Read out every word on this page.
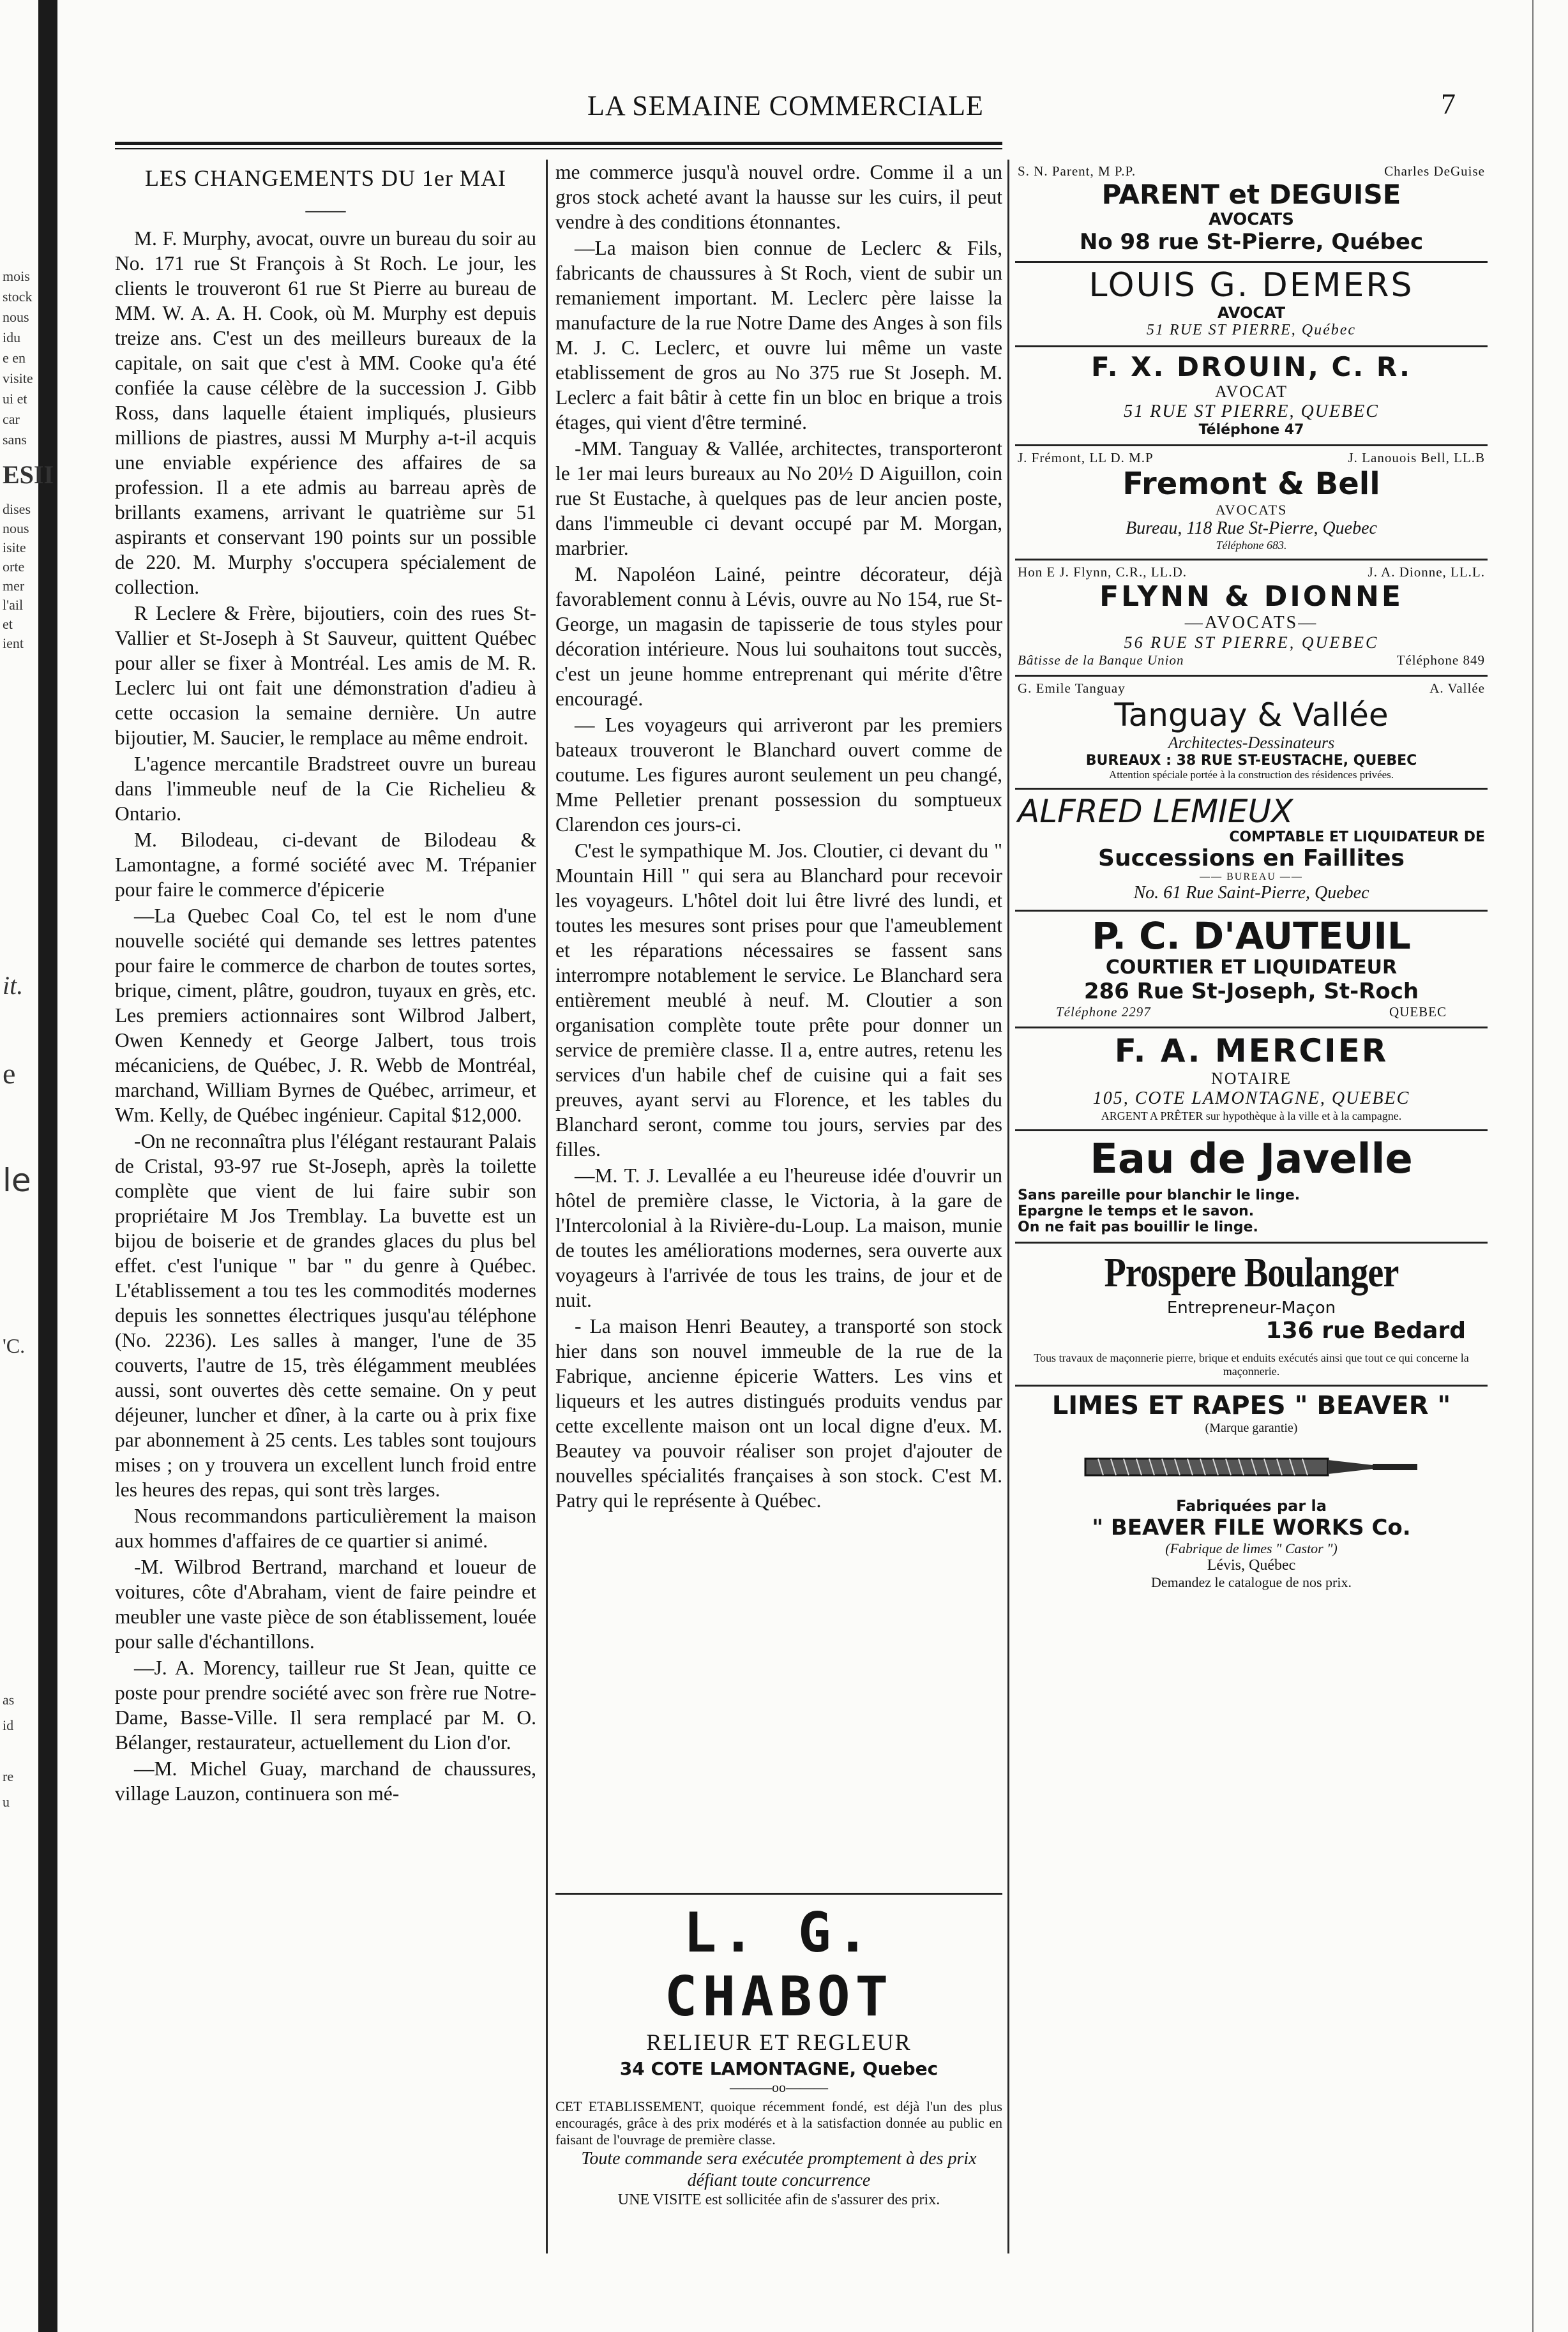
mois
stock
nous
idu
e en
visite
ui et
car
sans
ESII
dises
nous
isite
orte
mer
l'ail
et
ient
it.
e
le
'C.
as
id
re
u
LA SEMAINE COMMERCIALE	7

LES CHANGEMENTS DU 1er MAI

——

M. F. Murphy, avocat, ouvre un bureau du soir au No. 171 rue St François à St Roch. Le jour, les clients le trouveront 61 rue St Pierre au bureau de MM. W. A. A. H. Cook, où M. Murphy est depuis treize ans. C'est un des meilleurs bureaux de la capitale, on sait que c'est à MM. Cooke qu'a été confiée la cause célèbre de la succession J. Gibb Ross, dans laquelle étaient impliqués, plusieurs millions de piastres, aussi M Murphy a-t-il acquis une enviable expérience des affaires de sa profession. Il a ete admis au barreau après de brillants examens, arrivant le quatrième sur 51 aspirants et conservant 190 points sur un possible de 220. M. Murphy s'occupera spécialement de collection.

R Leclere & Frère, bijoutiers, coin des rues St-Vallier et St-Joseph à St Sauveur, quittent Québec pour aller se fixer à Montréal. Les amis de M. R. Leclerc lui ont fait une démonstration d'adieu à cette occasion la semaine dernière. Un autre bijoutier, M. Saucier, le remplace au même endroit.

L'agence mercantile Bradstreet ouvre un bureau dans l'immeuble neuf de la Cie Richelieu & Ontario.

M. Bilodeau, ci-devant de Bilodeau & Lamontagne, a formé société avec M. Trépanier pour faire le commerce d'épicerie

—La Quebec Coal Co, tel est le nom d'une nouvelle société qui demande ses lettres patentes pour faire le commerce de charbon de toutes sortes, brique, ciment, plâtre, goudron, tuyaux en grès, etc. Les premiers actionnaires sont Wilbrod Jalbert, Owen Kennedy et George Jalbert, tous trois mécaniciens, de Québec, J. R. Webb de Montréal, marchand, William Byrnes de Québec, arrimeur, et Wm. Kelly, de Québec ingénieur. Capital $12,000.

-On ne reconnaîtra plus l'élégant restaurant Palais de Cristal, 93-97 rue St-Joseph, après la toilette complète que vient de lui faire subir son propriétaire M Jos Tremblay. La buvette est un bijou de boiserie et de grandes glaces du plus bel effet. c'est l'unique " bar " du genre à Québec. L'établissement a tou tes les commodités modernes depuis les sonnettes électriques jusqu'au téléphone (No. 2236). Les salles à manger, l'une de 35 couverts, l'autre de 15, très élégamment meublées aussi, sont ouvertes dès cette semaine. On y peut déjeuner, luncher et dîner, à la carte ou à prix fixe par abonnement à 25 cents. Les tables sont toujours mises ; on y trouvera un excellent lunch froid entre les heures des repas, qui sont très larges.

Nous recommandons particulièrement la maison aux hommes d'affaires de ce quartier si animé.

-M. Wilbrod Bertrand, marchand et loueur de voitures, côte d'Abraham, vient de faire peindre et meubler une vaste pièce de son établissement, louée pour salle d'échantillons.

—J. A. Morency, tailleur rue St Jean, quitte ce poste pour prendre société avec son frère rue Notre-Dame, Basse-Ville. Il sera remplacé par M. O. Bélanger, restaurateur, actuellement du Lion d'or.

—M. Michel Guay, marchand de chaussures, village Lauzon, continuera son mé-

me commerce jusqu'à nouvel ordre. Comme il a un gros stock acheté avant la hausse sur les cuirs, il peut vendre à des conditions étonnantes.

—La maison bien connue de Leclerc & Fils, fabricants de chaussures à St Roch, vient de subir un remaniement important. M. Leclerc père laisse la manufacture de la rue Notre Dame des Anges à son fils M. J. C. Leclerc, et ouvre lui même un vaste etablissement de gros au No 375 rue St Joseph. M. Leclerc a fait bâtir à cette fin un bloc en brique a trois étages, qui vient d'être terminé.

-MM. Tanguay & Vallée, architectes, transporteront le 1er mai leurs bureaux au No 20½ D Aiguillon, coin rue St Eustache, à quelques pas de leur ancien poste, dans l'immeuble ci devant occupé par M. Morgan, marbrier.

M. Napoléon Lainé, peintre décorateur, déjà favorablement connu à Lévis, ouvre au No 154, rue St-George, un magasin de tapisserie de tous styles pour décoration intérieure. Nous lui souhaitons tout succès, c'est un jeune homme entreprenant qui mérite d'être encouragé.

— Les voyageurs qui arriveront par les premiers bateaux trouveront le Blanchard ouvert comme de coutume. Les figures auront seulement un peu changé, Mme Pelletier prenant possession du somptueux Clarendon ces jours-ci.

C'est le sympathique M. Jos. Cloutier, ci devant du " Mountain Hill " qui sera au Blanchard pour recevoir les voyageurs. L'hôtel doit lui être livré des lundi, et toutes les mesures sont prises pour que l'ameublement et les réparations nécessaires se fassent sans interrompre notablement le service. Le Blanchard sera entièrement meublé à neuf. M. Cloutier a son organisation complète toute prête pour donner un service de première classe. Il a, entre autres, retenu les services d'un habile chef de cuisine qui a fait ses preuves, ayant servi au Florence, et les tables du Blanchard seront, comme tou jours, servies par des filles.

—M. T. J. Levallée a eu l'heureuse idée d'ouvrir un hôtel de première classe, le Victoria, à la gare de l'Intercolonial à la Rivière-du-Loup. La maison, munie de toutes les améliorations modernes, sera ouverte aux voyageurs à l'arrivée de tous les trains, de jour et de nuit.

- La maison Henri Beautey, a transporté son stock hier dans son nouvel immeuble de la rue de la Fabrique, ancienne épicerie Watters. Les vins et liqueurs et les autres distingués produits vendus par cette excellente maison ont un local digne d'eux. M. Beautey va pouvoir réaliser son projet d'ajouter de nouvelles spécialités françaises à son stock. C'est M. Patry qui le représente à Québec.

L. G. CHABOT
RELIEUR ET REGLEUR
34 COTE LAMONTAGNE, Quebec
———oo———
CET ETABLISSEMENT, quoique récemment fondé, est déjà l'un des plus encouragés, grâce à des prix modérés et à la satisfaction donnée au public en faisant de l'ouvrage de première classe.
Toute commande sera exécutée promptement à des prix défiant toute concurrence
UNE VISITE est sollicitée afin de s'assurer des prix.
S. N. Parent, M P.P.	Charles DeGuise
PARENT et DEGUISE
AVOCATS
No 98 rue St-Pierre, Québec
LOUIS G. DEMERS
AVOCAT
51 RUE ST PIERRE, Québec
F. X. DROUIN, C. R.
AVOCAT
51 RUE ST PIERRE, QUEBEC
Téléphone 47
J. Frémont, LL D. M.P	J. Lanouois Bell, LL.B
Fremont & Bell
AVOCATS
Bureau, 118 Rue St-Pierre, Quebec
Téléphone 683.
Hon E J. Flynn, C.R., LL.D.	J. A. Dionne, LL.L.
FLYNN & DIONNE
—AVOCATS—
56 RUE ST PIERRE, QUEBEC
Bâtisse de la Banque Union	Téléphone 849
G. Emile Tanguay	A. Vallée
Tanguay & Vallée
Architectes-Dessinateurs
BUREAUX : 38 RUE ST-EUSTACHE, QUEBEC
Attention spéciale portée à la construction des résidences privées.
ALFRED LEMIEUX
COMPTABLE ET LIQUIDATEUR DE
Successions en Faillites
—— BUREAU ——
No. 61 Rue Saint-Pierre, Quebec
P. C. D'AUTEUIL
COURTIER ET LIQUIDATEUR
286 Rue St-Joseph, St-Roch
Téléphone 2297	QUEBEC
F. A. MERCIER
NOTAIRE
105, COTE LAMONTAGNE, QUEBEC
ARGENT A PRÊTER sur hypothèque à la ville et à la campagne.
Eau de Javelle
Sans pareille pour blanchir le linge.
Epargne le temps et le savon.
On ne fait pas bouillir le linge.
Prospere Boulanger
Entrepreneur-Maçon
136 rue Bedard
Tous travaux de maçonnerie pierre, brique et enduits exécutés ainsi que tout ce qui concerne la maçonnerie.
LIMES ET RAPES " BEAVER "
(Marque garantie)
Fabriquées par la
" BEAVER FILE WORKS Co.
(Fabrique de limes " Castor ")
Lévis, Québec
Demandez le catalogue de nos prix.
